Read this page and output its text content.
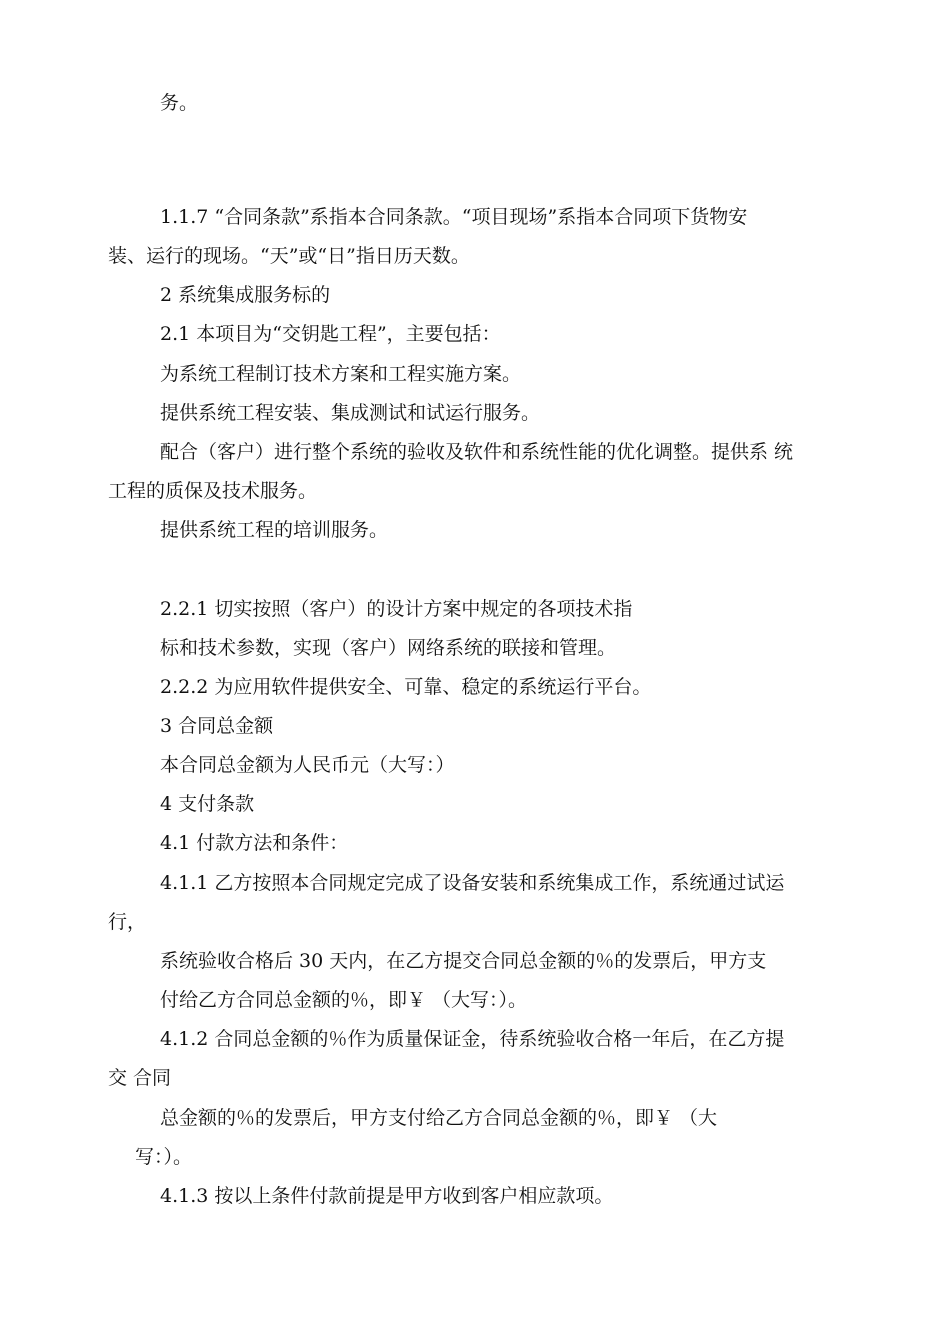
务。

1.1.7 “合同条款”系指本合同条款。“项目现场”系指本合同项下货物安

装、运行的现场。“天”或“日”指日历天数。

2 系统集成服务标的

2.1 本项目为“交钥匙工程”，主要包括：

为系统工程制订技术方案和工程实施方案。

提供系统工程安装、集成测试和试运行服务。

配合（客户）进行整个系统的验收及软件和系统性能的优化调整。提供系 统

工程的质保及技术服务。

提供系统工程的培训服务。

2.2.1 切实按照（客户）的设计方案中规定的各项技术指

标和技术参数，实现（客户）网络系统的联接和管理。

2.2.2 为应用软件提供安全、可靠、稳定的系统运行平台。

3 合同总金额

本合同总金额为人民币元（大写：）

4 支付条款

4.1 付款方法和条件：

4.1.1 乙方按照本合同规定完成了设备安装和系统集成工作，系统通过试运

行，

系统验收合格后 30 天内，在乙方提交合同总金额的％的发票后，甲方支

付给乙方合同总金额的％，即￥ （大写：）。

4.1.2 合同总金额的％作为质量保证金，待系统验收合格一年后，在乙方提

交 合同

总金额的％的发票后，甲方支付给乙方合同总金额的％，即￥ （大

写：）。

4.1.3 按以上条件付款前提是甲方收到客户相应款项。
